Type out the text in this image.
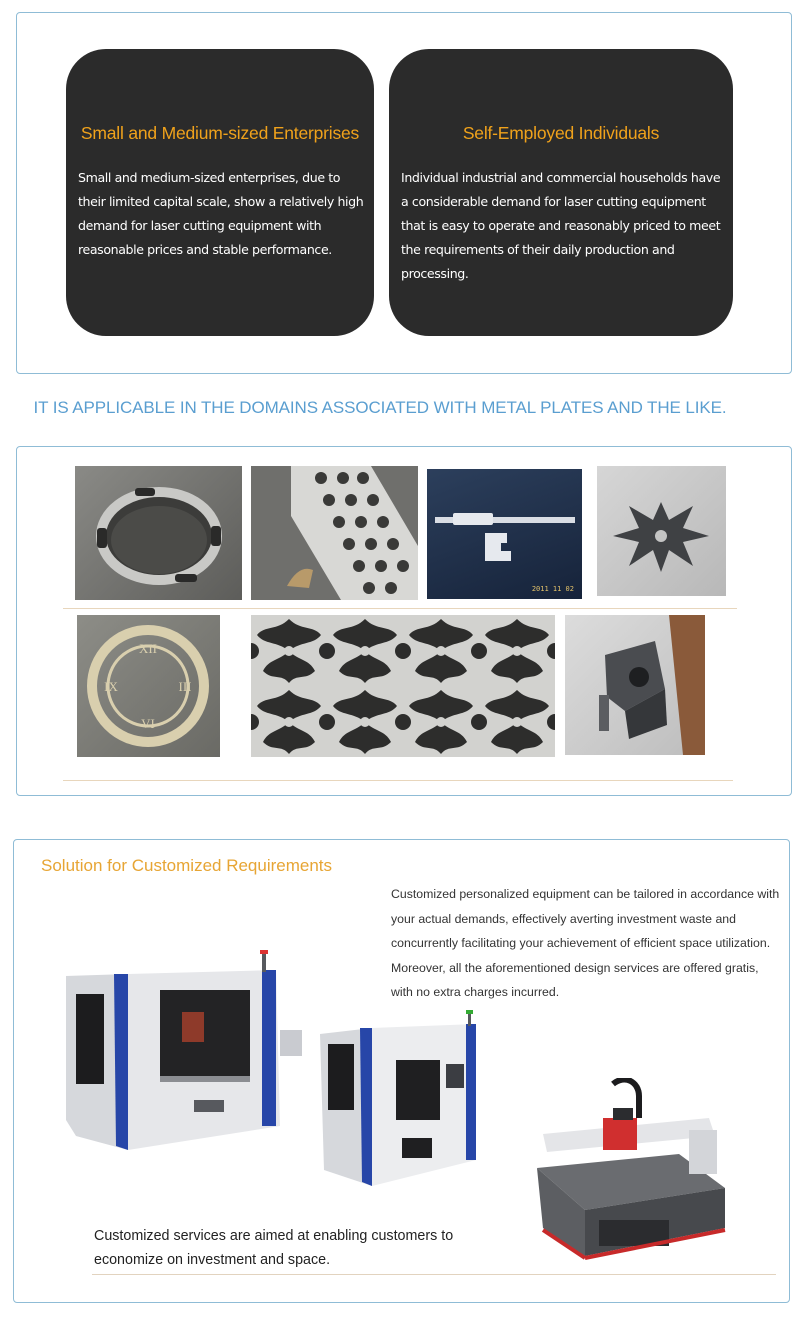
Small and Medium-sized Enterprises

Small and medium-sized enterprises, due to their limited capital scale, show a relatively high demand for laser cutting equipment with reasonable prices and stable performance.

Self-Employed Individuals

Individual industrial and commercial households have a considerable demand for laser cutting equipment that is easy to operate and reasonably priced to meet the requirements of their daily production and processing.

IT IS APPLICABLE IN THE DOMAINS ASSOCIATED WITH METAL PLATES AND THE LIKE.
2011 11 02
XII
III
VI
IX
Solution for Customized Requirements
Customized personalized equipment can be tailored in accordance with your actual demands, effectively averting investment waste and concurrently facilitating your achievement of efficient space utilization. Moreover, all the aforementioned design services are offered gratis, with no extra charges incurred.
Customized services are aimed at enabling customers to economize on investment and space.
